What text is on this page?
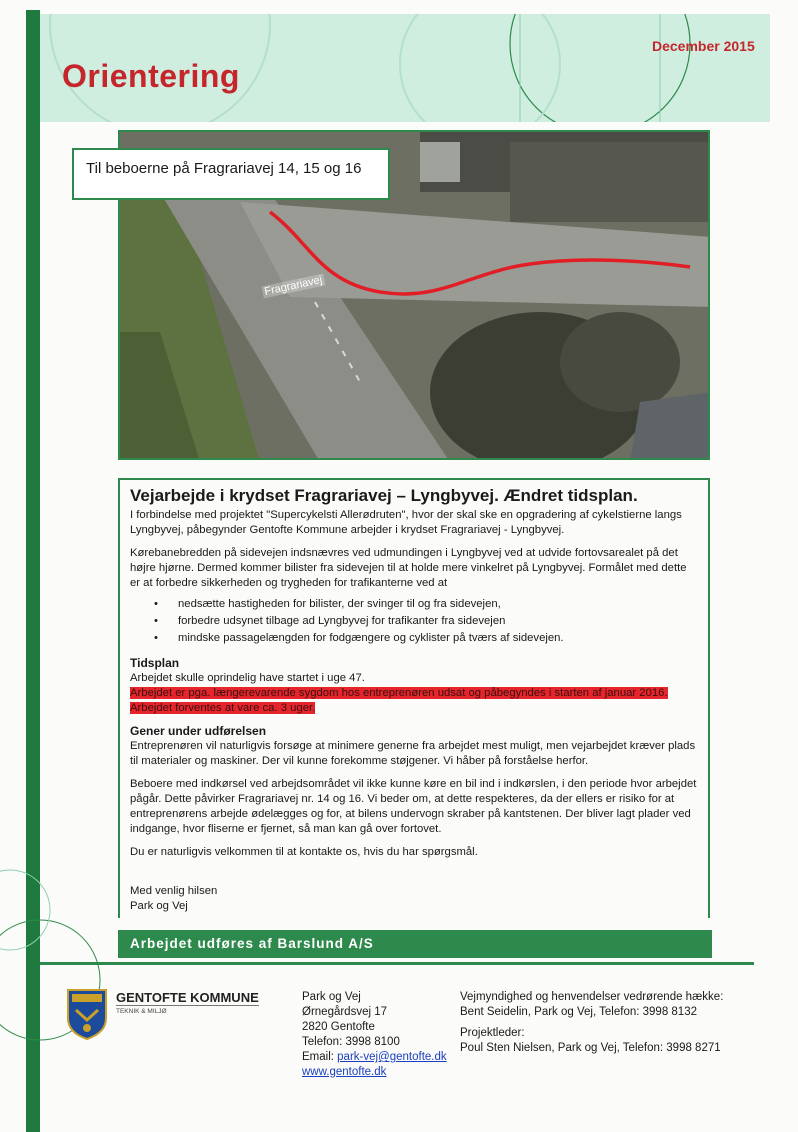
Orientering
December 2015
Fragrariavej
Til beboerne på Fragrariavej 14, 15 og 16
Vejarbejde i krydset Fragrariavej – Lyngbyvej. Ændret tidsplan.

I forbindelse med projektet "Supercykelsti Allerødruten", hvor der skal ske en opgradering af cykelstierne langs Lyngbyvej, påbegynder Gentofte Kommune arbejder i krydset Fragrariavej - Lyngbyvej.

Kørebanebredden på sidevejen indsnævres ved udmundingen i Lyngbyvej ved at udvide fortovsarealet på det højre hjørne. Dermed kommer bilister fra sidevejen til at holde mere vinkelret på Lyngbyvej. Formålet med dette er at forbedre sikkerheden og trygheden for trafikanterne ved at

•	nedsætte hastigheden for bilister, der svinger til og fra sidevejen,
•	forbedre udsynet tilbage ad Lyngbyvej for trafikanter fra sidevejen
•	mindske passagelængden for fodgængere og cyklister på tværs af sidevejen.
Tidsplan
Arbejdet skulle oprindelig have startet i uge 47.

Arbejdet er pga. længerevarende sygdom hos entreprenøren udsat og påbegyndes i starten af januar 2016. Arbejdet forventes at vare ca. 3 uger.

Gener under udførelsen

Entreprenøren vil naturligvis forsøge at minimere generne fra arbejdet mest muligt, men vejarbejdet kræver plads til materialer og maskiner. Der vil kunne forekomme støjgener. Vi håber på forståelse herfor.

Beboere med indkørsel ved arbejdsområdet vil ikke kunne køre en bil ind i indkørslen, i den periode hvor arbejdet pågår. Dette påvirker Fragrariavej nr. 14 og 16. Vi beder om, at dette respekteres, da der ellers er risiko for at entreprenørens arbejde ødelægges og for, at bilens undervogn skraber på kantstenen. Der bliver lagt plader ved indgange, hvor fliserne er fjernet, så man kan gå over fortovet.

Du er naturligvis velkommen til at kontakte os, hvis du har spørgsmål.

Med venlig hilsen
Park og Vej
Arbejdet udføres af Barslund A/S
GENTOFTE KOMMUNE
TEKNIK & MILJØ
Park og Vej
Ørnegårdsvej 17
2820 Gentofte
Telefon: 3998 8100
Email: park-vej@gentofte.dk
www.gentofte.dk
Vejmyndighed og henvendelser vedrørende hække:
Bent Seidelin, Park og Vej, Telefon: 3998 8132
Projektleder:
Poul Sten Nielsen, Park og Vej, Telefon: 3998 8271
